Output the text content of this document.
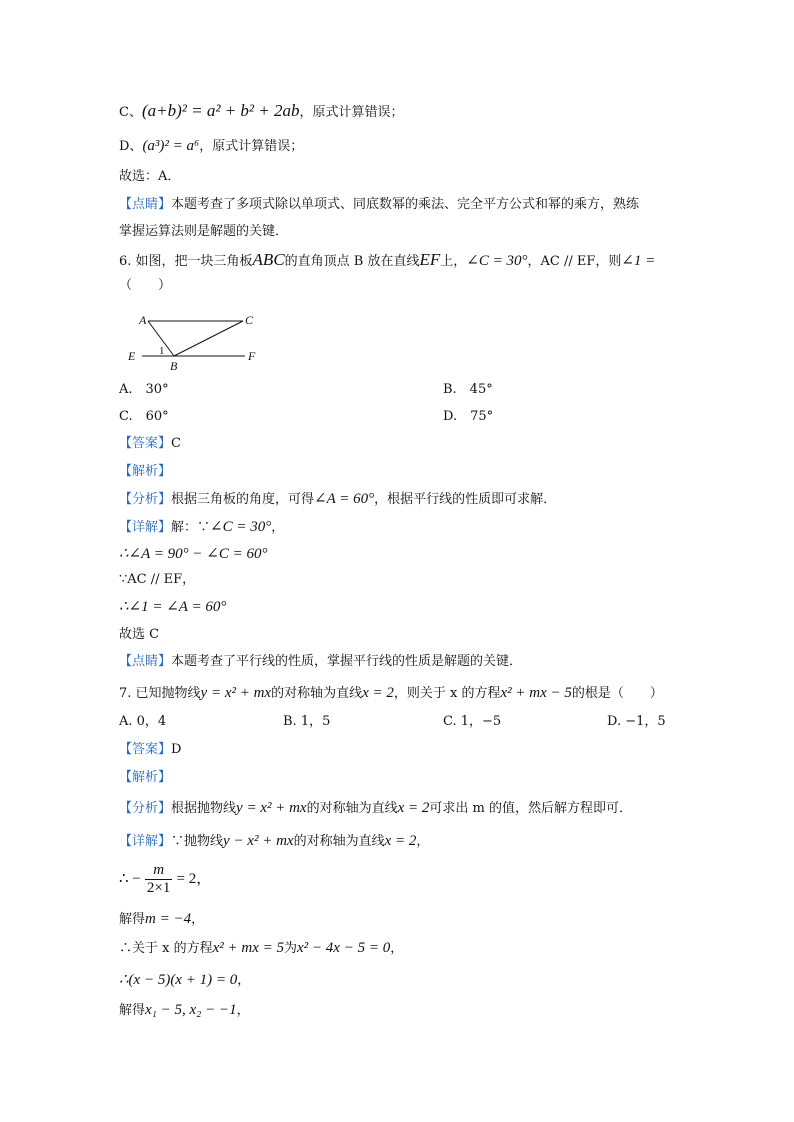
C、(a+b)² = a² + b² + 2ab，原式计算错误；
D、(a³)² = a⁶，原式计算错误；
故选：A．
【点睛】本题考查了多项式除以单项式、同底数幂的乘法、完全平方公式和幂的乘方，熟练
掌握运算法则是解题的关键．
6. 如图，把一块三角板ABC的直角顶点 B 放在直线EF上，∠C = 30°，AC // EF，则∠1 =
（　　）
A	C
E	F
B
1
A.　30°	B.　45°
C.　60°	D.　75°
【答案】C
【解析】
【分析】根据三角板的角度，可得∠A = 60°，根据平行线的性质即可求解．
【详解】解：∵∠C = 30°，
∴∠A = 90° − ∠C = 60°
∵AC // EF，
∴∠1 = ∠A = 60°
故选 C
【点睛】本题考查了平行线的性质，掌握平行线的性质是解题的关键．
7. 已知抛物线y = x² + mx的对称轴为直线x = 2，则关于 x 的方程x² + mx − 5的根是（　　）
A. 0，4	B. 1，5	C. 1，−5	D. −1，5
【答案】D
【解析】
【分析】根据抛物线y = x² + mx的对称轴为直线x = 2可求出 m 的值，然后解方程即可．
【详解】∵抛物线y − x² + mx的对称轴为直线x = 2，
∴ − $\frac{m}{2\times 1} = 2$，
解得m = −4，
∴关于 x 的方程x² + mx = 5为x² − 4x − 5 = 0，
∴(x − 5)(x + 1) = 0，
解得x₁ − 5, x₂ − −1，
